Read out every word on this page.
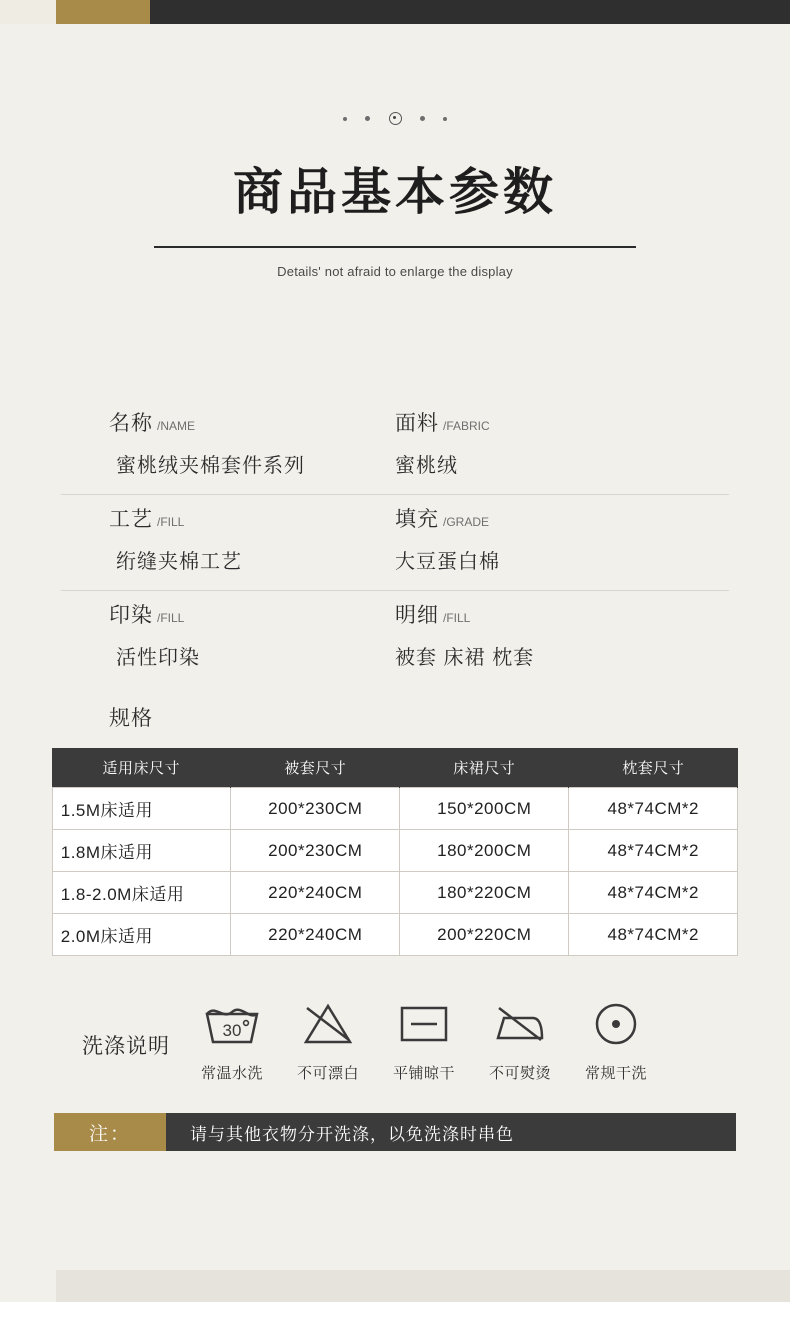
商品基本参数
Details' not afraid to enlarge the display
名称 /NAME
蜜桃绒夹棉套件系列
面料 /FABRIC
蜜桃绒
工艺 /FILL
绗缝夹棉工艺
填充 /GRADE
大豆蛋白棉
印染 /FILL
活性印染
明细 /FILL
被套 床裙 枕套
规格
适用床尺寸	被套尺寸	床裙尺寸	枕套尺寸
1.5M床适用	200*230CM	150*200CM	48*74CM*2
1.8M床适用	200*230CM	180*200CM	48*74CM*2
1.8-2.0M床适用	220*240CM	180*220CM	48*74CM*2
2.0M床适用	220*240CM	200*220CM	48*74CM*2
洗涤说明
30
常温水洗	不可漂白	平铺晾干	不可熨烫	常规干洗
注：	请与其他衣物分开洗涤，以免洗涤时串色
